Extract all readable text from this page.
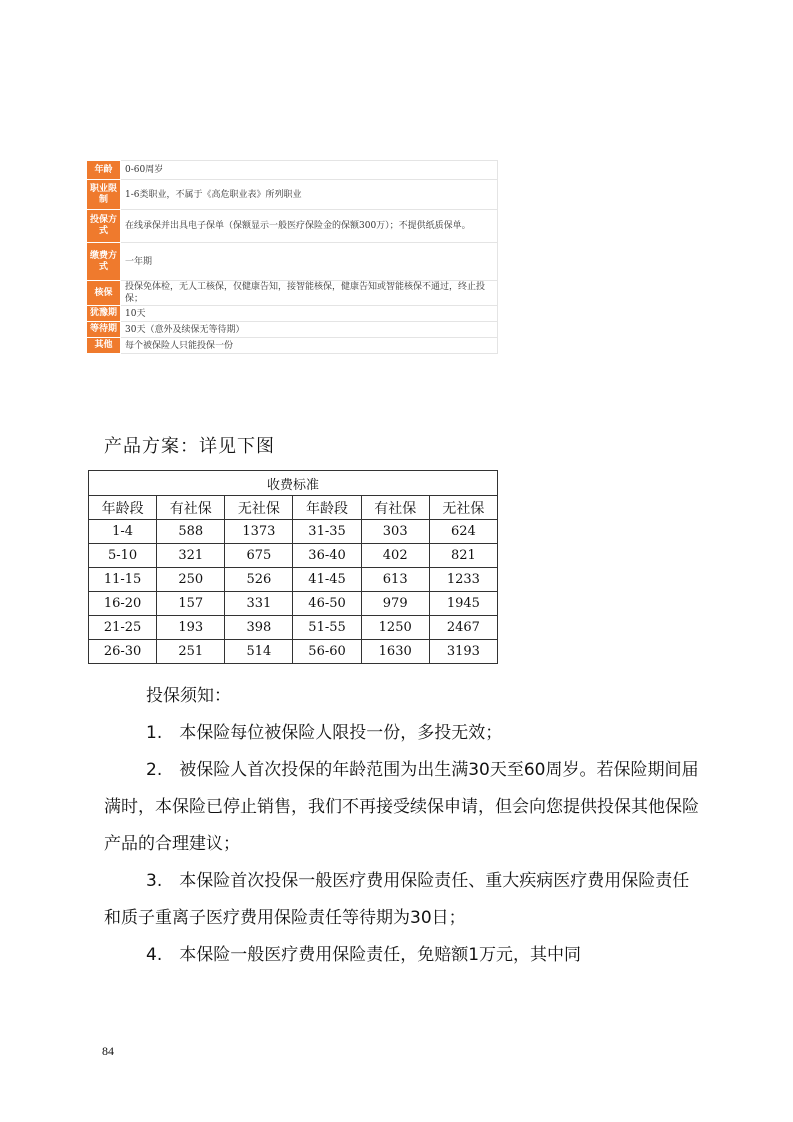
年龄	0-60周岁
职业限制	1-6类职业，不属于《高危职业表》所列职业
投保方式	在线承保并出具电子保单（保额显示一般医疗保险金的保额300万）；不提供纸质保单。
缴费方式	一年期
核保	投保免体检，无人工核保，仅健康告知，接智能核保，健康告知或智能核保不通过，终止投保；
犹豫期	10天
等待期	30天（意外及续保无等待期）
其他	每个被保险人只能投保一份
产品方案：详见下图
收费标准					
年龄段	有社保	无社保	年龄段	有社保	无社保
1-4	588	1373	31-35	303	624
5-10	321	675	36-40	402	821
11-15	250	526	41-45	613	1233
16-20	157	331	46-50	979	1945
21-25	193	398	51-55	1250	2467
26-30	251	514	56-60	1630	3193

投保须知：

1.　本保险每位被保险人限投一份，多投无效；

2.　被保险人首次投保的年龄范围为出生满30天至60周岁。若保险期间届满时，本保险已停止销售，我们不再接受续保申请，但会向您提供投保其他保险产品的合理建议；

3.　本保险首次投保一般医疗费用保险责任、重大疾病医疗费用保险责任和质子重离子医疗费用保险责任等待期为30日；

4.　本保险一般医疗费用保险责任，免赔额1万元，其中同

84
